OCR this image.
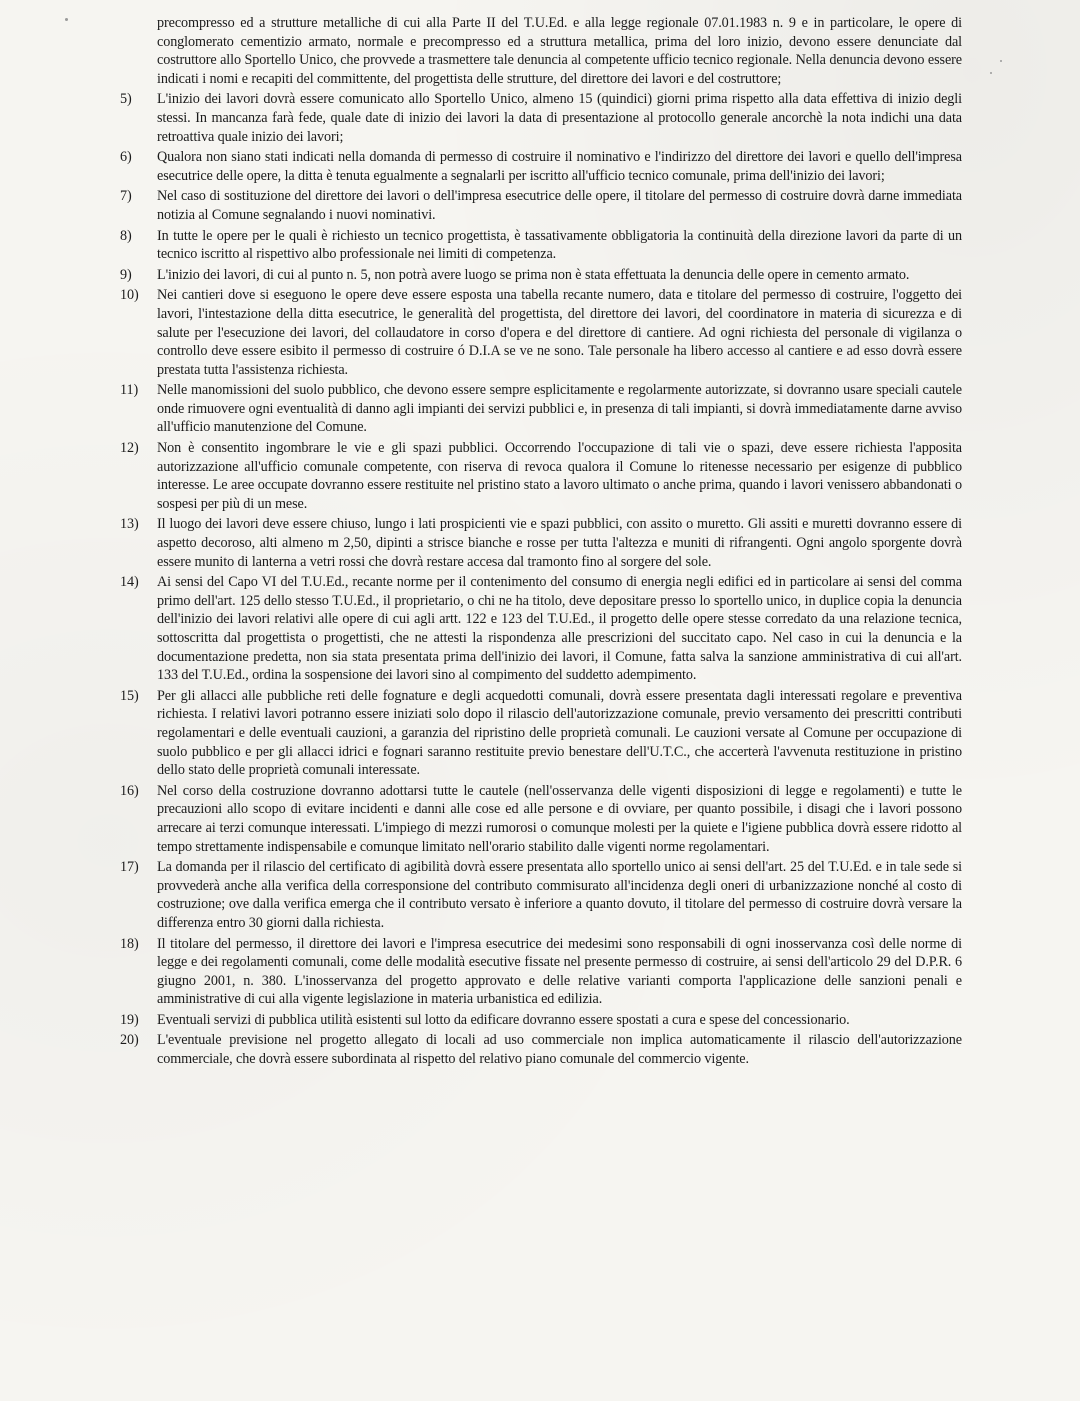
precompresso ed a strutture metalliche di cui alla Parte II del T.U.Ed. e alla legge regionale 07.01.1983 n. 9 e in particolare, le opere di conglomerato cementizio armato, normale e precompresso ed a struttura metallica, prima del loro inizio, devono essere denunciate dal costruttore allo Sportello Unico, che provvede a trasmettere tale denuncia al competente ufficio tecnico regionale. Nella denuncia devono essere indicati i nomi e recapiti del committente, del progettista delle strutture, del direttore dei lavori e del costruttore;
5)	L'inizio dei lavori dovrà essere comunicato allo Sportello Unico, almeno 15 (quindici) giorni prima rispetto alla data effettiva di inizio degli stessi. In mancanza farà fede, quale date di inizio dei lavori la data di presentazione al protocollo generale ancorchè la nota indichi una data retroattiva quale inizio dei lavori;
6)	Qualora non siano stati indicati nella domanda di permesso di costruire il nominativo e l'indirizzo del direttore dei lavori e quello dell'impresa esecutrice delle opere, la ditta è tenuta egualmente a segnalarli per iscritto all'ufficio tecnico comunale, prima dell'inizio dei lavori;
7)	Nel caso di sostituzione del direttore dei lavori o dell'impresa esecutrice delle opere, il titolare del permesso di costruire dovrà darne immediata notizia al Comune segnalando i nuovi nominativi.
8)	In tutte le opere per le quali è richiesto un tecnico progettista, è tassativamente obbligatoria la continuità della direzione lavori da parte di un tecnico iscritto al rispettivo albo professionale nei limiti di competenza.
9)	L'inizio dei lavori, di cui al punto n. 5, non potrà avere luogo se prima non è stata effettuata la denuncia delle opere in cemento armato.
10)	Nei cantieri dove si eseguono le opere deve essere esposta una tabella recante numero, data e titolare del permesso di costruire, l'oggetto dei lavori, l'intestazione della ditta esecutrice, le generalità del progettista, del direttore dei lavori, del coordinatore in materia di sicurezza e di salute per l'esecuzione dei lavori, del collaudatore in corso d'opera e del direttore di cantiere. Ad ogni richiesta del personale di vigilanza o controllo deve essere esibito il permesso di costruire ó D.I.A se ve ne sono. Tale personale ha libero accesso al cantiere e ad esso dovrà essere prestata tutta l'assistenza richiesta.
11)	Nelle manomissioni del suolo pubblico, che devono essere sempre esplicitamente e regolarmente autorizzate, si dovranno usare speciali cautele onde rimuovere ogni eventualità di danno agli impianti dei servizi pubblici e, in presenza di tali impianti, si dovrà immediatamente darne avviso all'ufficio manutenzione del Comune.
12)	Non è consentito ingombrare le vie e gli spazi pubblici. Occorrendo l'occupazione di tali vie o spazi, deve essere richiesta l'apposita autorizzazione all'ufficio comunale competente, con riserva di revoca qualora il Comune lo ritenesse necessario per esigenze di pubblico interesse. Le aree occupate dovranno essere restituite nel pristino stato a lavoro ultimato o anche prima, quando i lavori venissero abbandonati o sospesi per più di un mese.
13)	Il luogo dei lavori deve essere chiuso, lungo i lati prospicienti vie e spazi pubblici, con assito o muretto. Gli assiti e muretti dovranno essere di aspetto decoroso, alti almeno m 2,50, dipinti a strisce bianche e rosse per tutta l'altezza e muniti di rifrangenti. Ogni angolo sporgente dovrà essere munito di lanterna a vetri rossi che dovrà restare accesa dal tramonto fino al sorgere del sole.
14)	Ai sensi del Capo VI del T.U.Ed., recante norme per il contenimento del consumo di energia negli edifici ed in particolare ai sensi del comma primo dell'art. 125 dello stesso T.U.Ed., il proprietario, o chi ne ha titolo, deve depositare presso lo sportello unico, in duplice copia la denuncia dell'inizio dei lavori relativi alle opere di cui agli artt. 122 e 123 del T.U.Ed., il progetto delle opere stesse corredato da una relazione tecnica, sottoscritta dal progettista o progettisti, che ne attesti la rispondenza alle prescrizioni del succitato capo. Nel caso in cui la denuncia e la documentazione predetta, non sia stata presentata prima dell'inizio dei lavori, il Comune, fatta salva la sanzione amministrativa di cui all'art. 133 del T.U.Ed., ordina la sospensione dei lavori sino al compimento del suddetto adempimento.
15)	Per gli allacci alle pubbliche reti delle fognature e degli acquedotti comunali, dovrà essere presentata dagli interessati regolare e preventiva richiesta. I relativi lavori potranno essere iniziati solo dopo il rilascio dell'autorizzazione comunale, previo versamento dei prescritti contributi regolamentari e delle eventuali cauzioni, a garanzia del ripristino delle proprietà comunali. Le cauzioni versate al Comune per occupazione di suolo pubblico e per gli allacci idrici e fognari saranno restituite previo benestare dell'U.T.C., che accerterà l'avvenuta restituzione in pristino dello stato delle proprietà comunali interessate.
16)	Nel corso della costruzione dovranno adottarsi tutte le cautele (nell'osservanza delle vigenti disposizioni di legge e regolamenti) e tutte le precauzioni allo scopo di evitare incidenti e danni alle cose ed alle persone e di ovviare, per quanto possibile, i disagi che i lavori possono arrecare ai terzi comunque interessati. L'impiego di mezzi rumorosi o comunque molesti per la quiete e l'igiene pubblica dovrà essere ridotto al tempo strettamente indispensabile e comunque limitato nell'orario stabilito dalle vigenti norme regolamentari.
17)	La domanda per il rilascio del certificato di agibilità dovrà essere presentata allo sportello unico ai sensi dell'art. 25 del T.U.Ed. e in tale sede si provvederà anche alla verifica della corresponsione del contributo commisurato all'incidenza degli oneri di urbanizzazione nonché al costo di costruzione; ove dalla verifica emerga che il contributo versato è inferiore a quanto dovuto, il titolare del permesso di costruire dovrà versare la differenza entro 30 giorni dalla richiesta.
18)	Il titolare del permesso, il direttore dei lavori e l'impresa esecutrice dei medesimi sono responsabili di ogni inosservanza così delle norme di legge e dei regolamenti comunali, come delle modalità esecutive fissate nel presente permesso di costruire, ai sensi dell'articolo 29 del D.P.R. 6 giugno 2001, n. 380. L'inosservanza del progetto approvato e delle relative varianti comporta l'applicazione delle sanzioni penali e amministrative di cui alla vigente legislazione in materia urbanistica ed edilizia.
19)	Eventuali servizi di pubblica utilità esistenti sul lotto da edificare dovranno essere spostati a cura e spese del concessionario.
20)	L'eventuale previsione nel progetto allegato di locali ad uso commerciale non implica automaticamente il rilascio dell'autorizzazione commerciale, che dovrà essere subordinata al rispetto del relativo piano comunale del commercio vigente.
